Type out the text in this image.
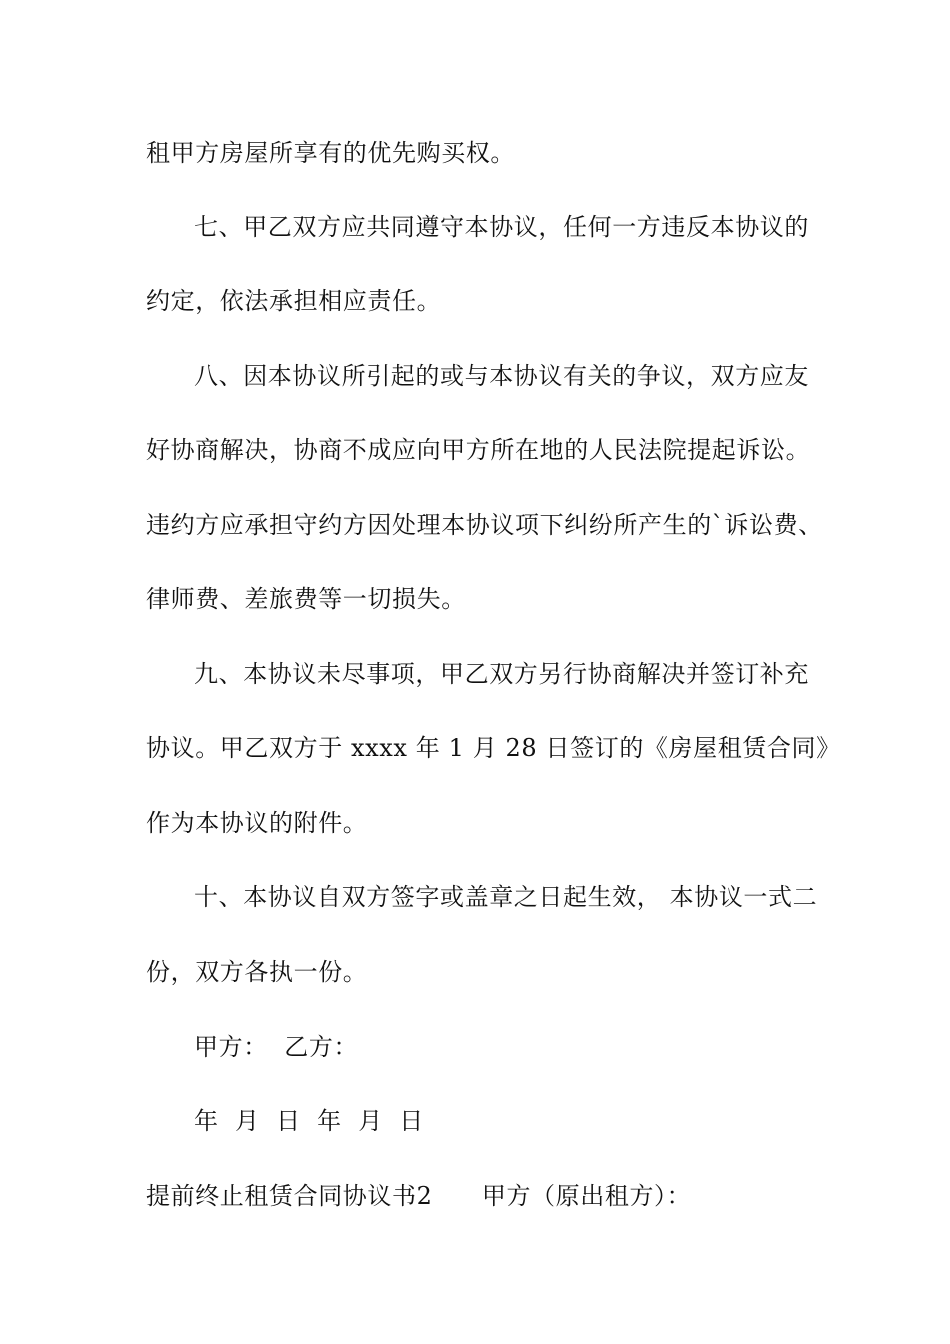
租甲方房屋所享有的优先购买权。
七、甲乙双方应共同遵守本协议，任何一方违反本协议的
约定，依法承担相应责任。
八、因本协议所引起的或与本协议有关的争议，双方应友
好协商解决，协商不成应向甲方所在地的人民法院提起诉讼。
违约方应承担守约方因处理本协议项下纠纷所产生的`诉讼费、
律师费、差旅费等一切损失。
九、本协议未尽事项，甲乙双方另行协商解决并签订补充
协议。甲乙双方于 xxxx 年 1 月 28 日签订的《房屋租赁合同》
作为本协议的附件。
十、本协议自双方签字或盖章之日起生效， 本协议一式二
份，双方各执一份。
甲方：  乙方：
年  月  日  年  月  日
提前终止租赁合同协议书2      甲方（原出租方）：
